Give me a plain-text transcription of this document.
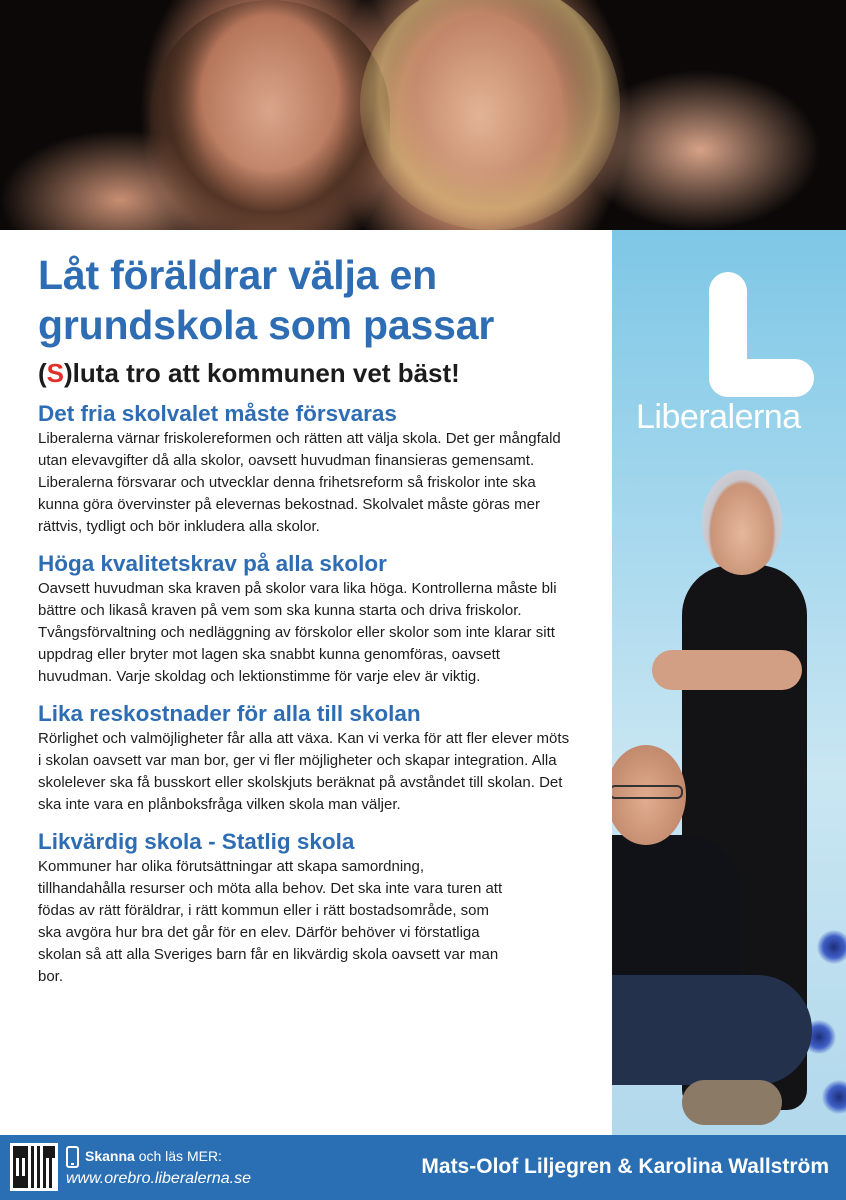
Liberalerna
Låt föräldrar välja en
grundskola som passar
(S)luta tro att kommunen vet bäst!
Det fria skolvalet måste försvaras

Liberalerna värnar friskolereformen och rätten att välja skola. Det ger mångfald utan elevavgifter då alla skolor, oavsett huvudman finansieras gemensamt. Liberalerna försvarar och utvecklar denna frihetsreform så friskolor inte ska kunna göra övervinster på elevernas bekostnad. Skolvalet måste göras mer rättvis, tydligt och bör inkludera alla skolor.

Höga kvalitetskrav på alla skolor

Oavsett huvudman ska kraven på skolor vara lika höga. Kontrollerna måste bli bättre och likaså kraven på vem som ska kunna starta och driva friskolor. Tvångsförvaltning och nedläggning av förskolor eller skolor som inte klarar sitt uppdrag eller bryter mot lagen ska snabbt kunna genomföras, oavsett huvudman. Varje skoldag och lektionstimme för varje elev är viktig.

Lika reskostnader för alla till skolan

Rörlighet och valmöjligheter får alla att växa. Kan vi verka för att fler elever möts i skolan oavsett var man bor, ger vi fler möjligheter och skapar integration. Alla skolelever ska få busskort eller skolskjuts beräknat på avståndet till skolan. Det ska inte vara en plånboksfråga vilken skola man väljer.

Likvärdig skola - Statlig skola

Kommuner har olika förutsättningar att skapa samordning, tillhandahålla resurser och möta alla behov. Det ska inte vara turen att födas av rätt föräldrar, i rätt kommun eller i rätt bostadsområde, som ska avgöra hur bra det går för en elev. Därför behöver vi förstatliga skolan så att alla Sveriges barn får en likvärdig skola oavsett var man bor.

Skanna och läs MER:
www.orebro.liberalerna.se
Mats-Olof Liljegren & Karolina Wallström
